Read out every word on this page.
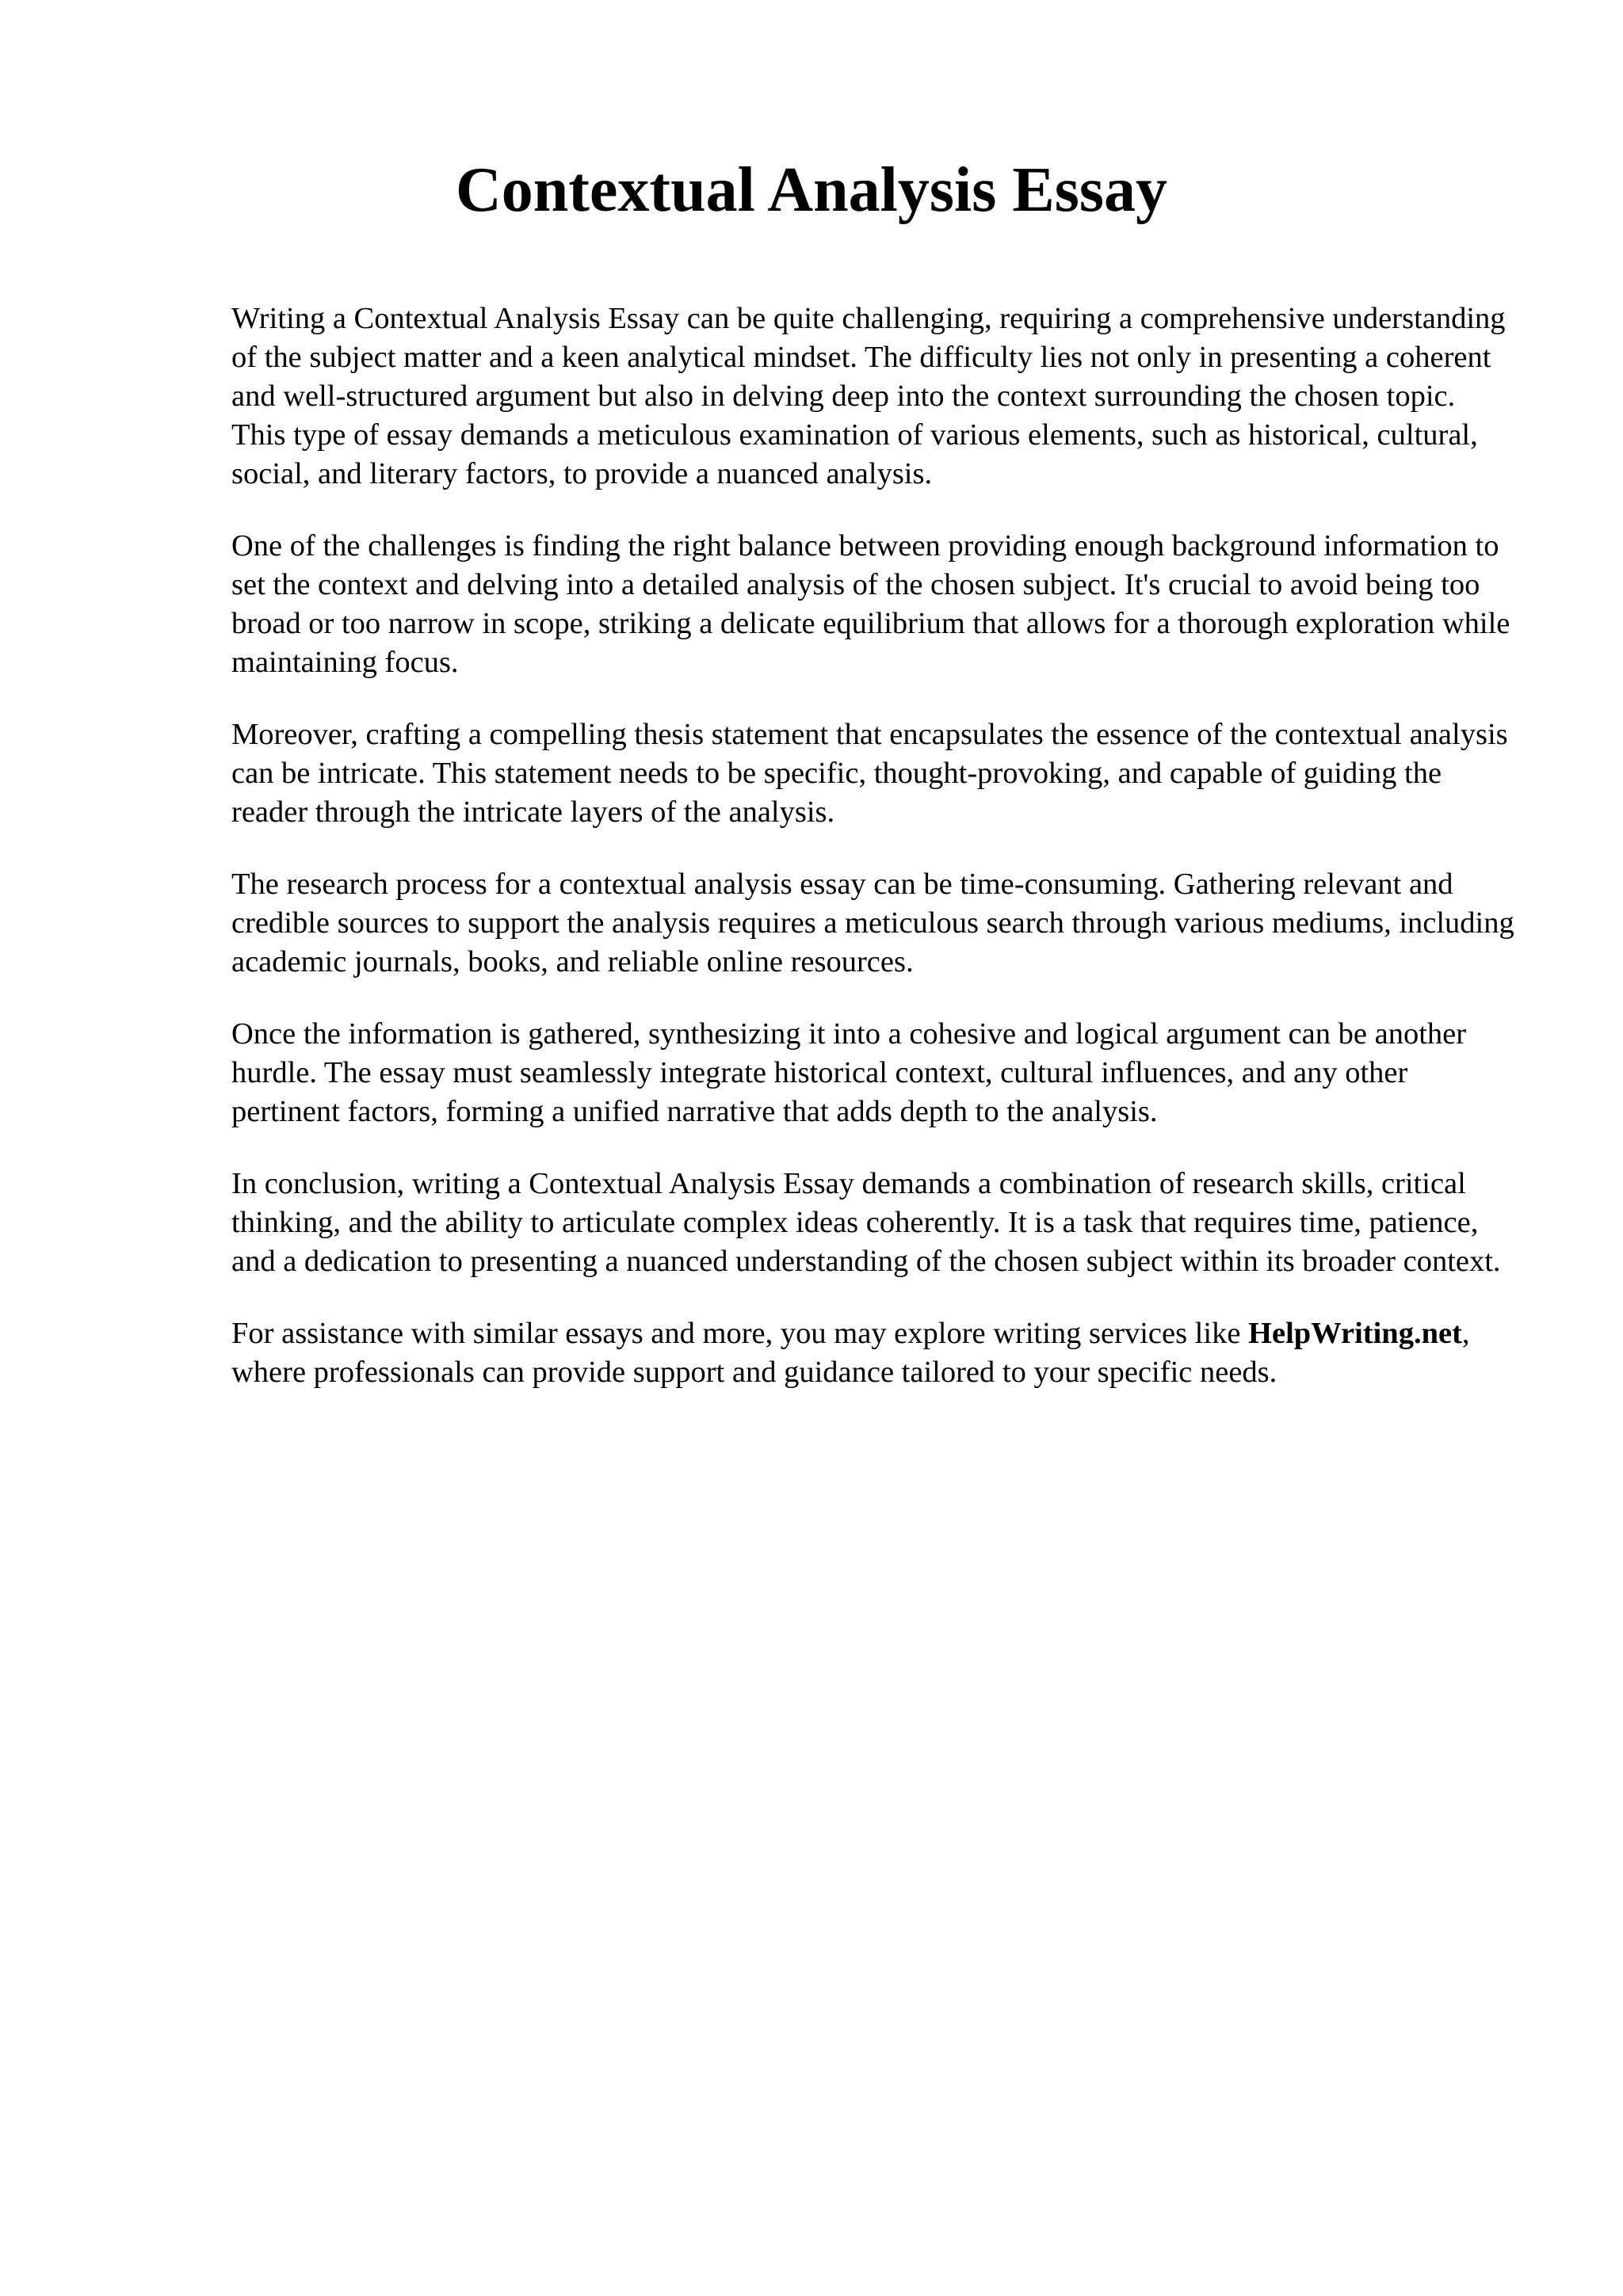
Contextual Analysis Essay

Writing a Contextual Analysis Essay can be quite challenging, requiring a comprehensive understanding of the subject matter and a keen analytical mindset. The difficulty lies not only in presenting a coherent and well-structured argument but also in delving deep into the context surrounding the chosen topic. This type of essay demands a meticulous examination of various elements, such as historical, cultural, social, and literary factors, to provide a nuanced analysis.

One of the challenges is finding the right balance between providing enough background information to set the context and delving into a detailed analysis of the chosen subject. It's crucial to avoid being too broad or too narrow in scope, striking a delicate equilibrium that allows for a thorough exploration while maintaining focus.

Moreover, crafting a compelling thesis statement that encapsulates the essence of the contextual analysis can be intricate. This statement needs to be specific, thought-provoking, and capable of guiding the reader through the intricate layers of the analysis.

The research process for a contextual analysis essay can be time-consuming. Gathering relevant and credible sources to support the analysis requires a meticulous search through various mediums, including academic journals, books, and reliable online resources.

Once the information is gathered, synthesizing it into a cohesive and logical argument can be another hurdle. The essay must seamlessly integrate historical context, cultural influences, and any other pertinent factors, forming a unified narrative that adds depth to the analysis.

In conclusion, writing a Contextual Analysis Essay demands a combination of research skills, critical thinking, and the ability to articulate complex ideas coherently. It is a task that requires time, patience, and a dedication to presenting a nuanced understanding of the chosen subject within its broader context.

For assistance with similar essays and more, you may explore writing services like HelpWriting.net, where professionals can provide support and guidance tailored to your specific needs.
